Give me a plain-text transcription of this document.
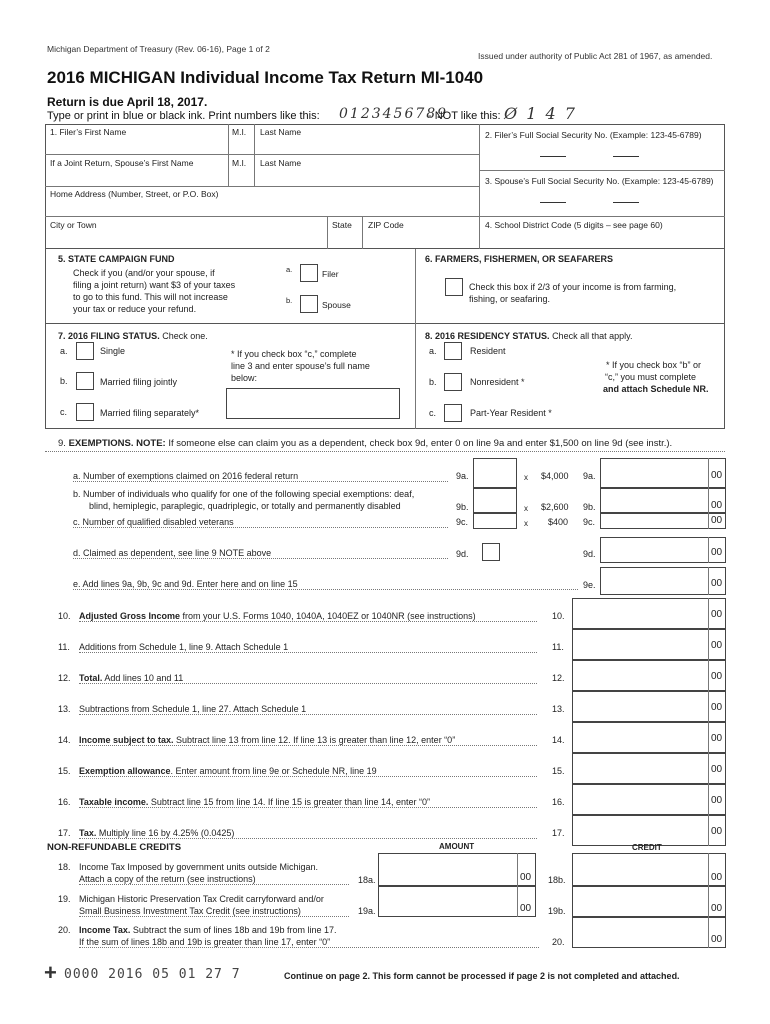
Michigan Department of Treasury (Rev. 06-16), Page 1 of 2
Issued under authority of Public Act 281 of 1967, as amended.
2016 MICHIGAN Individual Income Tax Return MI-1040
Return is due April 18, 2017.
Type or print in blue or black ink. Print numbers like this: 0123456789
- NOT like this: Ø 1 4 7
1. Filer’s First Name	M.I. Last Name
If a Joint Return, Spouse’s First Name	M.I. Last Name
Home Address (Number, Street, or P.O. Box)
City or Town	State ZIP Code
2. Filer’s Full Social Security No. (Example: 123-45-6789)
3. Spouse’s Full Social Security No. (Example: 123-45-6789)
4. School District Code (5 digits – see page 60)
5. STATE CAMPAIGN FUND
Check if you (and/or your spouse, if
filing a joint return) want $3 of your taxes
to go to this fund. This will not increase
your tax or reduce your refund.
a.	Filer
b.	Spouse
6. FARMERS, FISHERMEN, OR SEAFARERS
Check this box if 2/3 of your income is from farming,
fishing, or seafaring.
7. 2016 FILING STATUS. Check one.
a.	Single
b.	Married filing jointly
c.	Married filing separately*
* If you check box “c,” complete
line 3 and enter spouse’s full name
below:
8. 2016 RESIDENCY STATUS. Check all that apply.
a.	Resident
b.	Nonresident *
c.	Part-Year Resident *
* If you check box “b” or
“c,” you must complete
and attach Schedule NR.
9. EXEMPTIONS. NOTE: If someone else can claim you as a dependent, check box 9d, enter 0 on line 9a and enter $1,500 on line 9d (see instr.).
a. Number of exemptions claimed on 2016 federal return	9a.	x $4,000 9a.	00
b. Number of individuals who qualify for one of the following special exemptions: deaf,
blind, hemiplegic, paraplegic, quadriplegic, or totally and permanently disabled	9b.	x $2,600 9b.	00
c. Number of qualified disabled veterans	9c.	x $400 9c.	00
d. Claimed as dependent, see line 9 NOTE above	9d.	9d.	00
e. Add lines 9a, 9b, 9c and 9d. Enter here and on line 15	9e.	00
10. Adjusted Gross Income from your U.S. Forms 1040, 1040A, 1040EZ or 1040NR (see instructions)	10.	00
11. Additions from Schedule 1, line 9. Attach Schedule 1	11.	00
12. Total. Add lines 10 and 11	12.	00
13. Subtractions from Schedule 1, line 27. Attach Schedule 1	13.	00
14. Income subject to tax. Subtract line 13 from line 12. If line 13 is greater than line 12, enter “0”	14.	00
15. Exemption allowance. Enter amount from line 9e or Schedule NR, line 19	15.	00
16. Taxable income. Subtract line 15 from line 14. If line 15 is greater than line 14, enter “0”	16.	00
17. Tax. Multiply line 16 by 4.25% (0.0425)	17.	00
NON-REFUNDABLE CREDITS	AMOUNT	CREDIT
18. Income Tax Imposed by government units outside Michigan.
Attach a copy of the return (see instructions)	18a.	00 18b.	00
19. Michigan Historic Preservation Tax Credit carryforward and/or
Small Business Investment Tax Credit (see instructions)	19a.	00 19b.	00
20. Income Tax. Subtract the sum of lines 18b and 19b from line 17.
If the sum of lines 18b and 19b is greater than line 17, enter “0”	20.	00
+ 0000 2016 05 01 27 7	Continue on page 2. This form cannot be processed if page 2 is not completed and attached.
